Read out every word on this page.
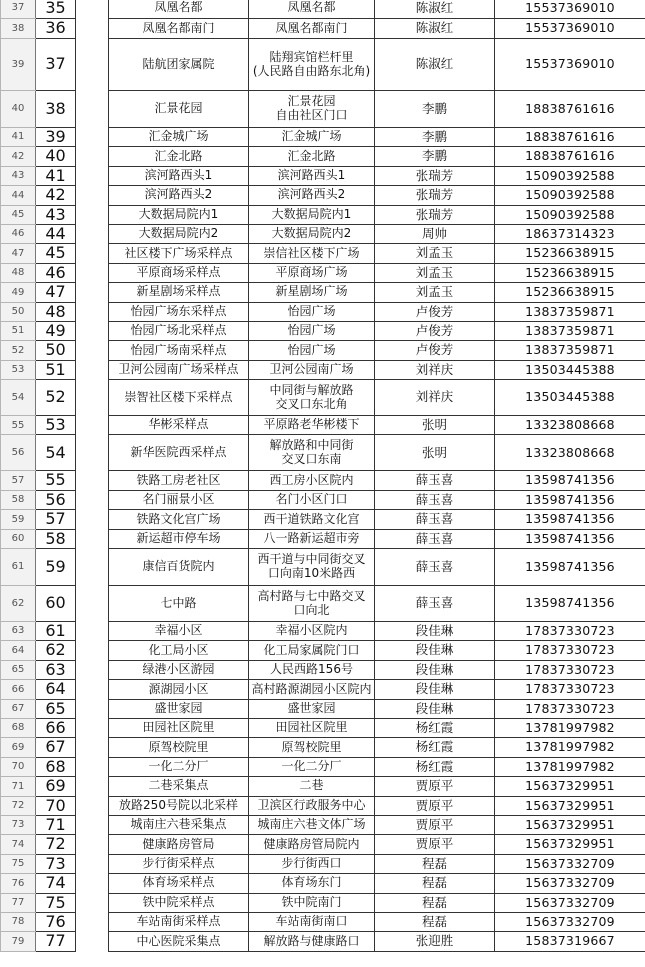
37	35		凤凰名都	凤凰名都	陈淑红	15537369010
38	36		凤凰名都南门	凤凰名都南门	陈淑红	15537369010
39	37		陆航团家属院	陆翔宾馆栏杆里
(人民路自由路东北角)	陈淑红	15537369010
40	38		汇景花园	汇景花园
自由社区门口	李鹏	18838761616
41	39		汇金城广场	汇金城广场	李鹏	18838761616
42	40		汇金北路	汇金北路	李鹏	18838761616
43	41		滨河路西头1	滨河路西头1	张瑞芳	15090392588
44	42		滨河路西头2	滨河路西头2	张瑞芳	15090392588
45	43		大数据局院内1	大数据局院内1	张瑞芳	15090392588
46	44		大数据局院内2	大数据局院内2	周帅	18637314323
47	45		社区楼下广场采样点	崇信社区楼下广场	刘孟玉	15236638915
48	46		平原商场采样点	平原商场广场	刘孟玉	15236638915
49	47		新星剧场采样点	新星剧场广场	刘孟玉	15236638915
50	48		怡园广场东采样点	怡园广场	卢俊芳	13837359871
51	49		怡园广场北采样点	怡园广场	卢俊芳	13837359871
52	50		怡园广场南采样点	怡园广场	卢俊芳	13837359871
53	51		卫河公园南广场采样点	卫河公园南广场	刘祥庆	13503445388
54	52		崇智社区楼下采样点	中同街与解放路
交叉口东北角	刘祥庆	13503445388
55	53		华彬采样点	平原路老华彬楼下	张明	13323808668
56	54		新华医院西采样点	解放路和中同街
交叉口东南	张明	13323808668
57	55		铁路工房老社区	西工房小区院内	薛玉喜	13598741356
58	56		名门丽景小区	名门小区门口	薛玉喜	13598741356
59	57		铁路文化宫广场	西干道铁路文化宫	薛玉喜	13598741356
60	58		新运超市停车场	八一路新运超市旁	薛玉喜	13598741356
61	59		康信百货院内	西干道与中同街交叉
口向南10米路西	薛玉喜	13598741356
62	60		七中路	高村路与七中路交叉
口向北	薛玉喜	13598741356
63	61		幸福小区	幸福小区院内	段佳琳	17837330723
64	62		化工局小区	化工局家属院门口	段佳琳	17837330723
65	63		绿港小区游园	人民西路156号	段佳琳	17837330723
66	64		源湖园小区	高村路源湖园小区院内	段佳琳	17837330723
67	65		盛世家园	盛世家园	段佳琳	17837330723
68	66		田园社区院里	田园社区院里	杨红霞	13781997982
69	67		原驾校院里	原驾校院里	杨红霞	13781997982
70	68		一化二分厂	一化二分厂	杨红霞	13781997982
71	69		二巷采集点	二巷	贾原平	15637329951
72	70		放路250号院以北采样	卫滨区行政服务中心	贾原平	15637329951
73	71		城南庄六巷采集点	城南庄六巷文体广场	贾原平	15637329951
74	72		健康路房管局	健康路房管局院内	贾原平	15637329951
75	73		步行街采样点	步行街西口	程磊	15637332709
76	74		体育场采样点	体育场东门	程磊	15637332709
77	75		铁中院采样点	铁中院南门	程磊	15637332709
78	76		车站南街采样点	车站南街南口	程磊	15637332709
79	77		中心医院采集点	解放路与健康路口	张迎胜	15837319667
